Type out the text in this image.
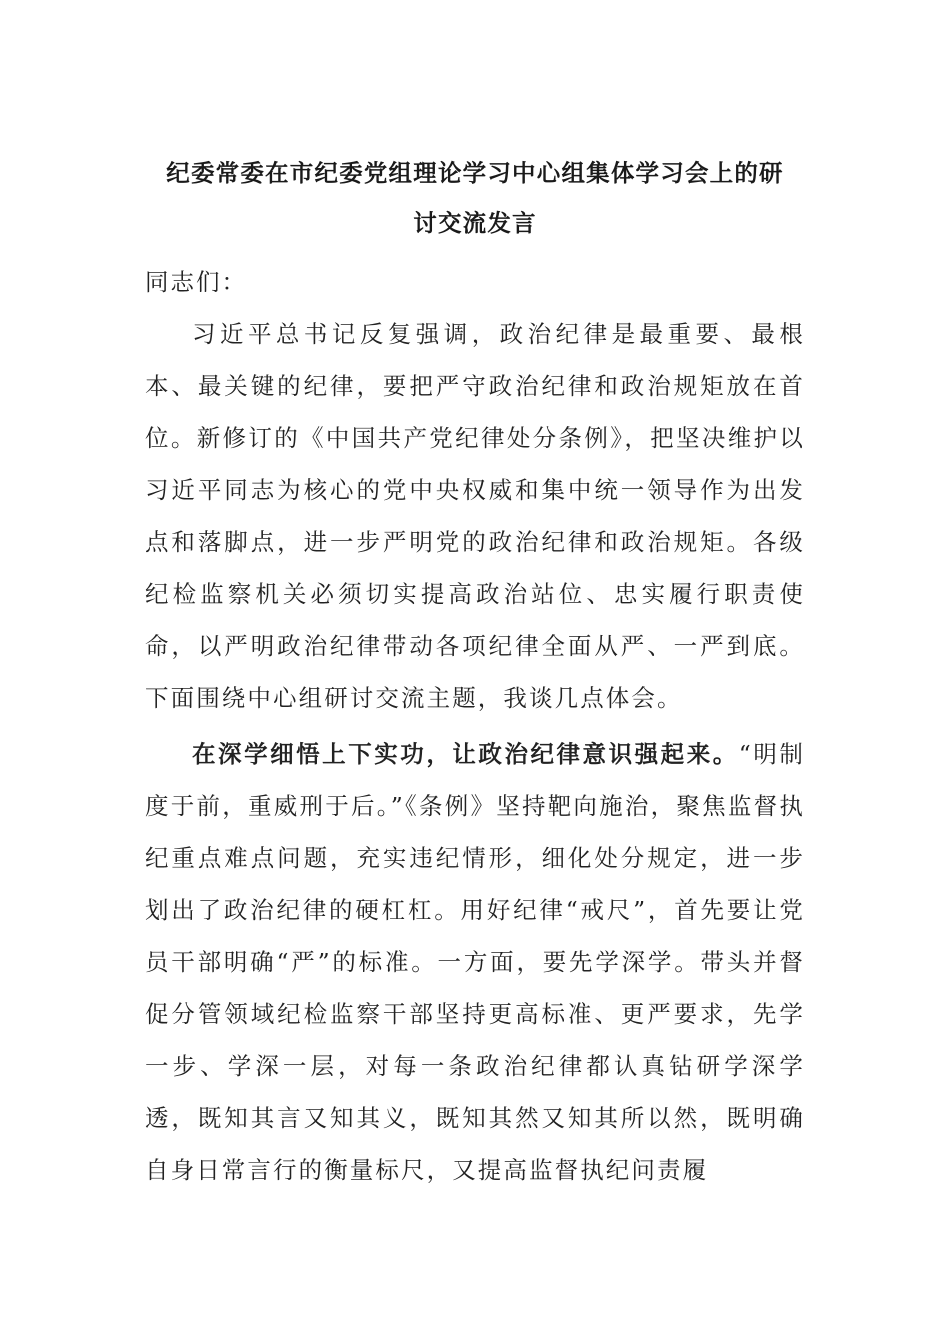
纪委常委在市纪委党组理论学习中心组集体学习会上的研
讨交流发言

同志们：

习近平总书记反复强调，政治纪律是最重要、最根本、最关键的纪律，要把严守政治纪律和政治规矩放在首位。新修订的《中国共产党纪律处分条例》，把坚决维护以习近平同志为核心的党中央权威和集中统一领导作为出发点和落脚点，进一步严明党的政治纪律和政治规矩。各级纪检监察机关必须切实提高政治站位、忠实履行职责使命，以严明政治纪律带动各项纪律全面从严、一严到底。下面围绕中心组研讨交流主题，我谈几点体会。

在深学细悟上下实功，让政治纪律意识强起来。“明制度于前，重威刑于后。”《条例》坚持靶向施治，聚焦监督执纪重点难点问题，充实违纪情形，细化处分规定，进一步划出了政治纪律的硬杠杠。用好纪律“戒尺”，首先要让党员干部明确“严”的标准。一方面，要先学深学。带头并督促分管领域纪检监察干部坚持更高标准、更严要求，先学一步、学深一层，对每一条政治纪律都认真钻研学深学透，既知其言又知其义，既知其然又知其所以然，既明确自身日常言行的衡量标尺，又提高监督执纪问责履
